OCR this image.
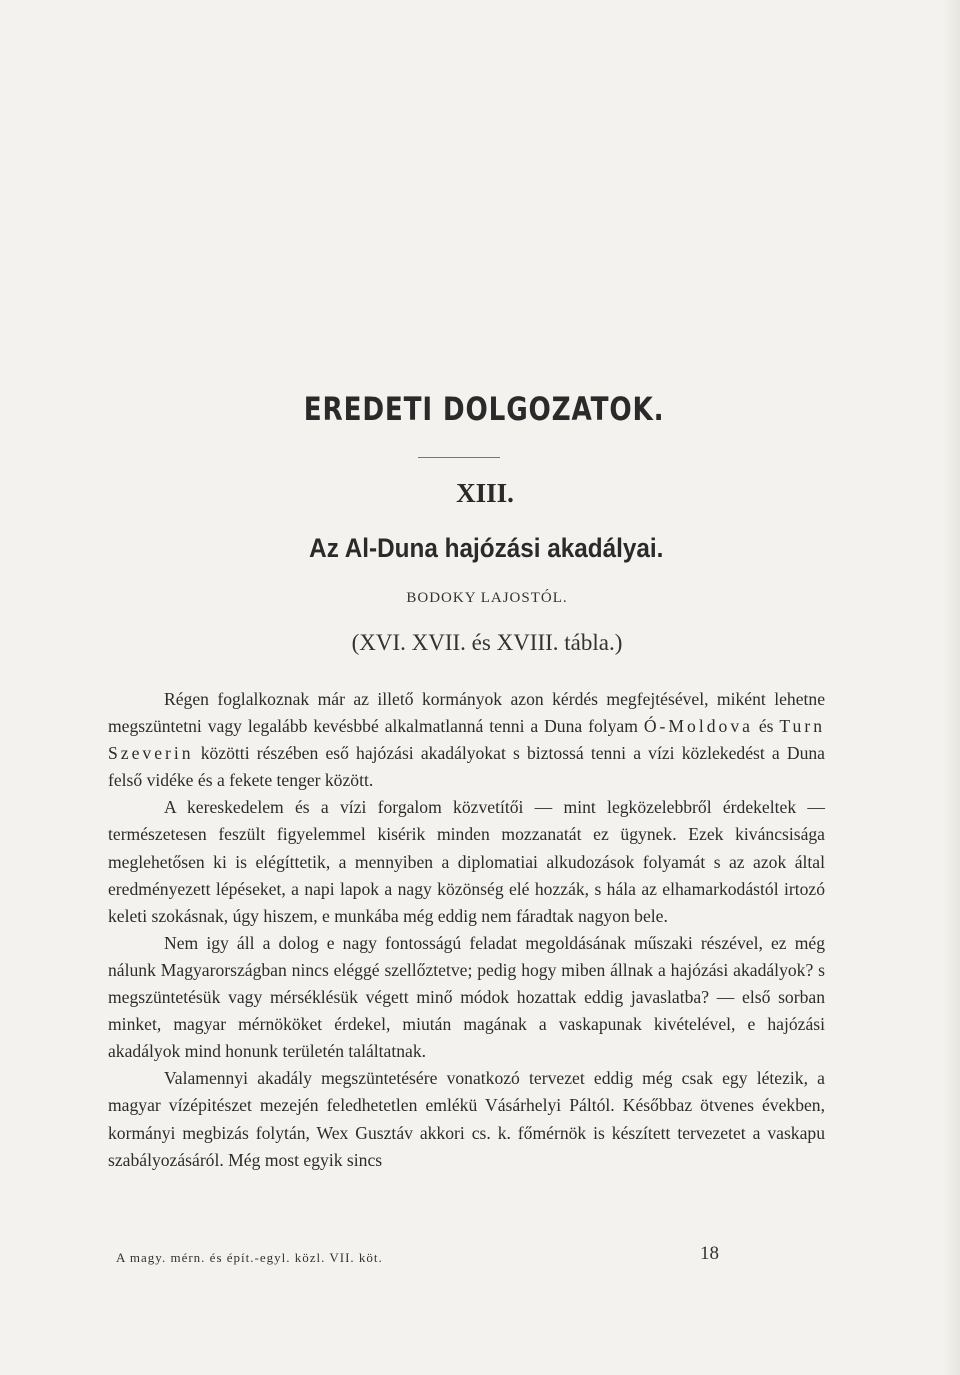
EREDETI DOLGOZATOK.
XIII.
Az Al-Duna hajózási akadályai.
BODOKY LAJOSTÓL.
(XVI. XVII. és XVIII. tábla.)

Régen foglalkoznak már az illető kormányok azon kérdés megfejtésével, miként lehetne megszüntetni vagy legalább kevésbbé alkalmatlanná tenni a Duna folyam Ó-Moldova és Turn Szeverin közötti részében eső hajózási akadályokat s biztossá tenni a vízi közlekedést a Duna felső vidéke és a fekete tenger között.

A kereskedelem és a vízi forgalom közvetítői — mint legközelebbről érdekeltek — természetesen feszült figyelemmel kisérik minden mozzanatát ez ügynek. Ezek kiváncsisága meglehetősen ki is elégíttetik, a mennyiben a diplomatiai alkudozások folyamát s az azok által eredményezett lépéseket, a napi lapok a nagy közönség elé hozzák, s hála az elhamarkodástól irtozó keleti szokásnak, úgy hiszem, e munkába még eddig nem fáradtak nagyon bele.

Nem igy áll a dolog e nagy fontosságú feladat megoldásának műszaki részével, ez még nálunk Magyarországban nincs eléggé szellőztetve; pedig hogy miben állnak a hajózási akadályok? s megszüntetésük vagy mérséklésük végett minő módok hozattak eddig javaslatba? — első sorban minket, magyar mérnököket érdekel, miután magának a vaskapunak kivételével, e hajózási akadályok mind honunk területén találtatnak.

Valamennyi akadály megszüntetésére vonatkozó tervezet eddig még csak egy létezik, a magyar vízépitészet mezején feledhetetlen emlékü Vásárhelyi Páltól. Későbbaz ötvenes években, kormányi megbizás folytán, Wex Gusztáv akkori cs. k. főmérnök is készített tervezetet a vaskapu szabályozásáról. Még most egyik sincs

A magy. mérn. és épít.-egyl. közl. VII. köt.	18
